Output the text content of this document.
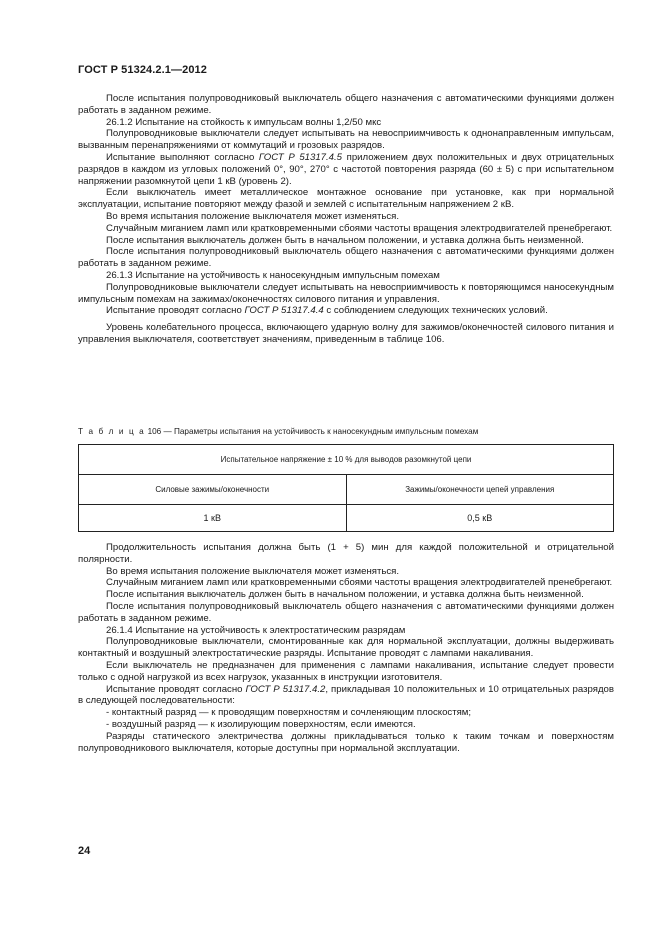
ГОСТ Р 51324.2.1—2012

После испытания полупроводниковый выключатель общего назначения с автоматическими функциями должен работать в заданном режиме.

26.1.2 Испытание на стойкость к импульсам волны 1,2/50 мкс

Полупроводниковые выключатели следует испытывать на невосприимчивость к однонаправленным импульсам, вызванным перенапряжениями от коммутаций и грозовых разрядов.

Испытание выполняют согласно ГОСТ Р 51317.4.5 приложением двух положительных и двух отрицательных разрядов в каждом из угловых положений 0°, 90°, 270° с частотой повторения разряда (60 ± 5) с при испытательном напряжении разомкнутой цепи 1 кВ (уровень 2).

Если выключатель имеет металлическое монтажное основание при установке, как при нормальной эксплуатации, испытание повторяют между фазой и землей с испытательным напряжением 2 кВ.

Во время испытания положение выключателя может изменяться.

Случайным миганием ламп или кратковременными сбоями частоты вращения электродвигателей пренебрегают.

После испытания выключатель должен быть в начальном положении, и уставка должна быть неизменной.

После испытания полупроводниковый выключатель общего назначения с автоматическими функциями должен работать в заданном режиме.

26.1.3 Испытание на устойчивость к наносекундным импульсным помехам

Полупроводниковые выключатели следует испытывать на невосприимчивость к повторяющимся наносекундным импульсным помехам на зажимах/оконечностях силового питания и управления.

Испытание проводят согласно ГОСТ Р 51317.4.4 с соблюдением следующих технических условий.

Уровень колебательного процесса, включающего ударную волну для зажимов/оконечностей силового питания и управления выключателя, соответствует значениям, приведенным в таблице 106.

Т а б л и ц а 106 — Параметры испытания на устойчивость к наносекундным импульсным помехам
Испытательное напряжение ± 10 % для выводов разомкнутой цепи	
Силовые зажимы/оконечности	Зажимы/оконечности цепей управления
1 кВ	0,5 кВ

Продолжительность испытания должна быть (1 + 5) мин для каждой положительной и отрицательной полярности.

Во время испытания положение выключателя может изменяться.

Случайным миганием ламп или кратковременными сбоями частоты вращения электродвигателей пренебрегают.

После испытания выключатель должен быть в начальном положении, и уставка должна быть неизменной.

После испытания полупроводниковый выключатель общего назначения с автоматическими функциями должен работать в заданном режиме.

26.1.4 Испытание на устойчивость к электростатическим разрядам

Полупроводниковые выключатели, смонтированные как для нормальной эксплуатации, должны выдерживать контактный и воздушный электростатические разряды. Испытание проводят с лампами накаливания.

Если выключатель не предназначен для применения с лампами накаливания, испытание следует провести только с одной нагрузкой из всех нагрузок, указанных в инструкции изготовителя.

Испытание проводят согласно ГОСТ Р 51317.4.2, прикладывая 10 положительных и 10 отрицательных разрядов в следующей последовательности:

- контактный разряд — к проводящим поверхностям и сочленяющим плоскостям;

- воздушный разряд — к изолирующим поверхностям, если имеются.

Разряды статического электричества должны прикладываться только к таким точкам и поверхностям полупроводникового выключателя, которые доступны при нормальной эксплуатации.

24
